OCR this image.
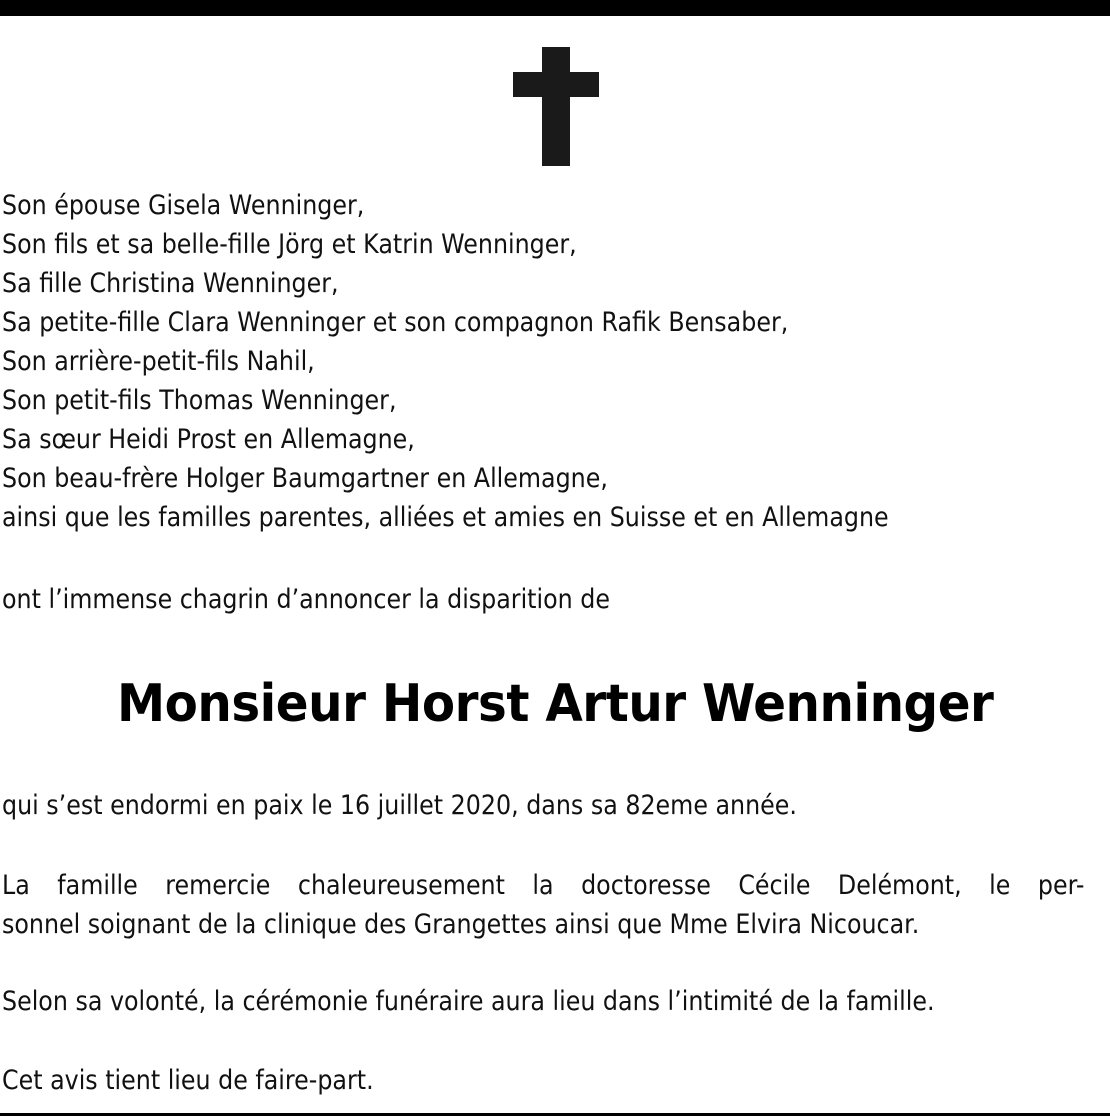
Son épouse Gisela Wenninger,
Son fils et sa belle-fille Jörg et Katrin Wenninger,
Sa fille Christina Wenninger,
Sa petite-fille Clara Wenninger et son compagnon Rafik Bensaber,
Son arrière-petit-fils Nahil,
Son petit-fils Thomas Wenninger,
Sa sœur Heidi Prost en Allemagne,
Son beau-frère Holger Baumgartner en Allemagne,
ainsi que les familles parentes, alliées et amies en Suisse et en Allemagne
ont l’immense chagrin d’annoncer la disparition de
Monsieur Horst Artur Wenninger
qui s’est endormi en paix le 16 juillet 2020, dans sa 82eme année.
La famille remercie chaleureusement la doctoresse Cécile Delémont, le per-
sonnel soignant de la clinique des Grangettes ainsi que Mme Elvira Nicoucar.
Selon sa volonté, la cérémonie funéraire aura lieu dans l’intimité de la famille.
Cet avis tient lieu de faire-part.
